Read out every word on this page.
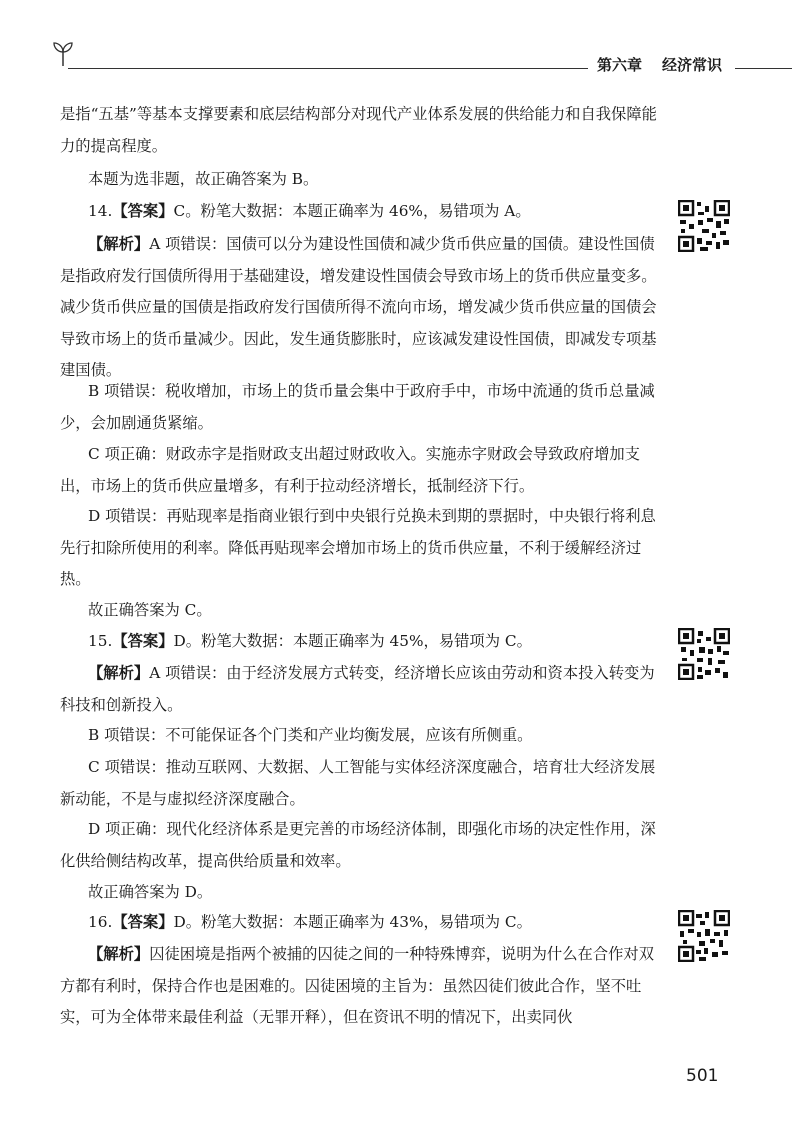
第六章 经济常识

是指“五基”等基本支撑要素和底层结构部分对现代产业体系发展的供给能力和自我保障能力的提高程度。

本题为选非题，故正确答案为 B。

14.【答案】C。粉笔大数据：本题正确率为 46%，易错项为 A。

【解析】A 项错误：国债可以分为建设性国债和减少货币供应量的国债。建设性国债是指政府发行国债所得用于基础建设，增发建设性国债会导致市场上的货币供应量变多。减少货币供应量的国债是指政府发行国债所得不流向市场，增发减少货币供应量的国债会导致市场上的货币量减少。因此，发生通货膨胀时，应该减发建设性国债，即减发专项基建国债。

B 项错误：税收增加，市场上的货币量会集中于政府手中，市场中流通的货币总量减少，会加剧通货紧缩。

C 项正确：财政赤字是指财政支出超过财政收入。实施赤字财政会导致政府增加支出，市场上的货币供应量增多，有利于拉动经济增长，抵制经济下行。

D 项错误：再贴现率是指商业银行到中央银行兑换未到期的票据时，中央银行将利息先行扣除所使用的利率。降低再贴现率会增加市场上的货币供应量，不利于缓解经济过热。

故正确答案为 C。

15.【答案】D。粉笔大数据：本题正确率为 45%，易错项为 C。

【解析】A 项错误：由于经济发展方式转变，经济增长应该由劳动和资本投入转变为科技和创新投入。

B 项错误：不可能保证各个门类和产业均衡发展，应该有所侧重。

C 项错误：推动互联网、大数据、人工智能与实体经济深度融合，培育壮大经济发展新动能，不是与虚拟经济深度融合。

D 项正确：现代化经济体系是更完善的市场经济体制，即强化市场的决定性作用，深化供给侧结构改革，提高供给质量和效率。

故正确答案为 D。

16.【答案】D。粉笔大数据：本题正确率为 43%，易错项为 C。

【解析】囚徒困境是指两个被捕的囚徒之间的一种特殊博弈，说明为什么在合作对双方都有利时，保持合作也是困难的。囚徒困境的主旨为：虽然囚徒们彼此合作，坚不吐实，可为全体带来最佳利益（无罪开释），但在资讯不明的情况下，出卖同伙

501
